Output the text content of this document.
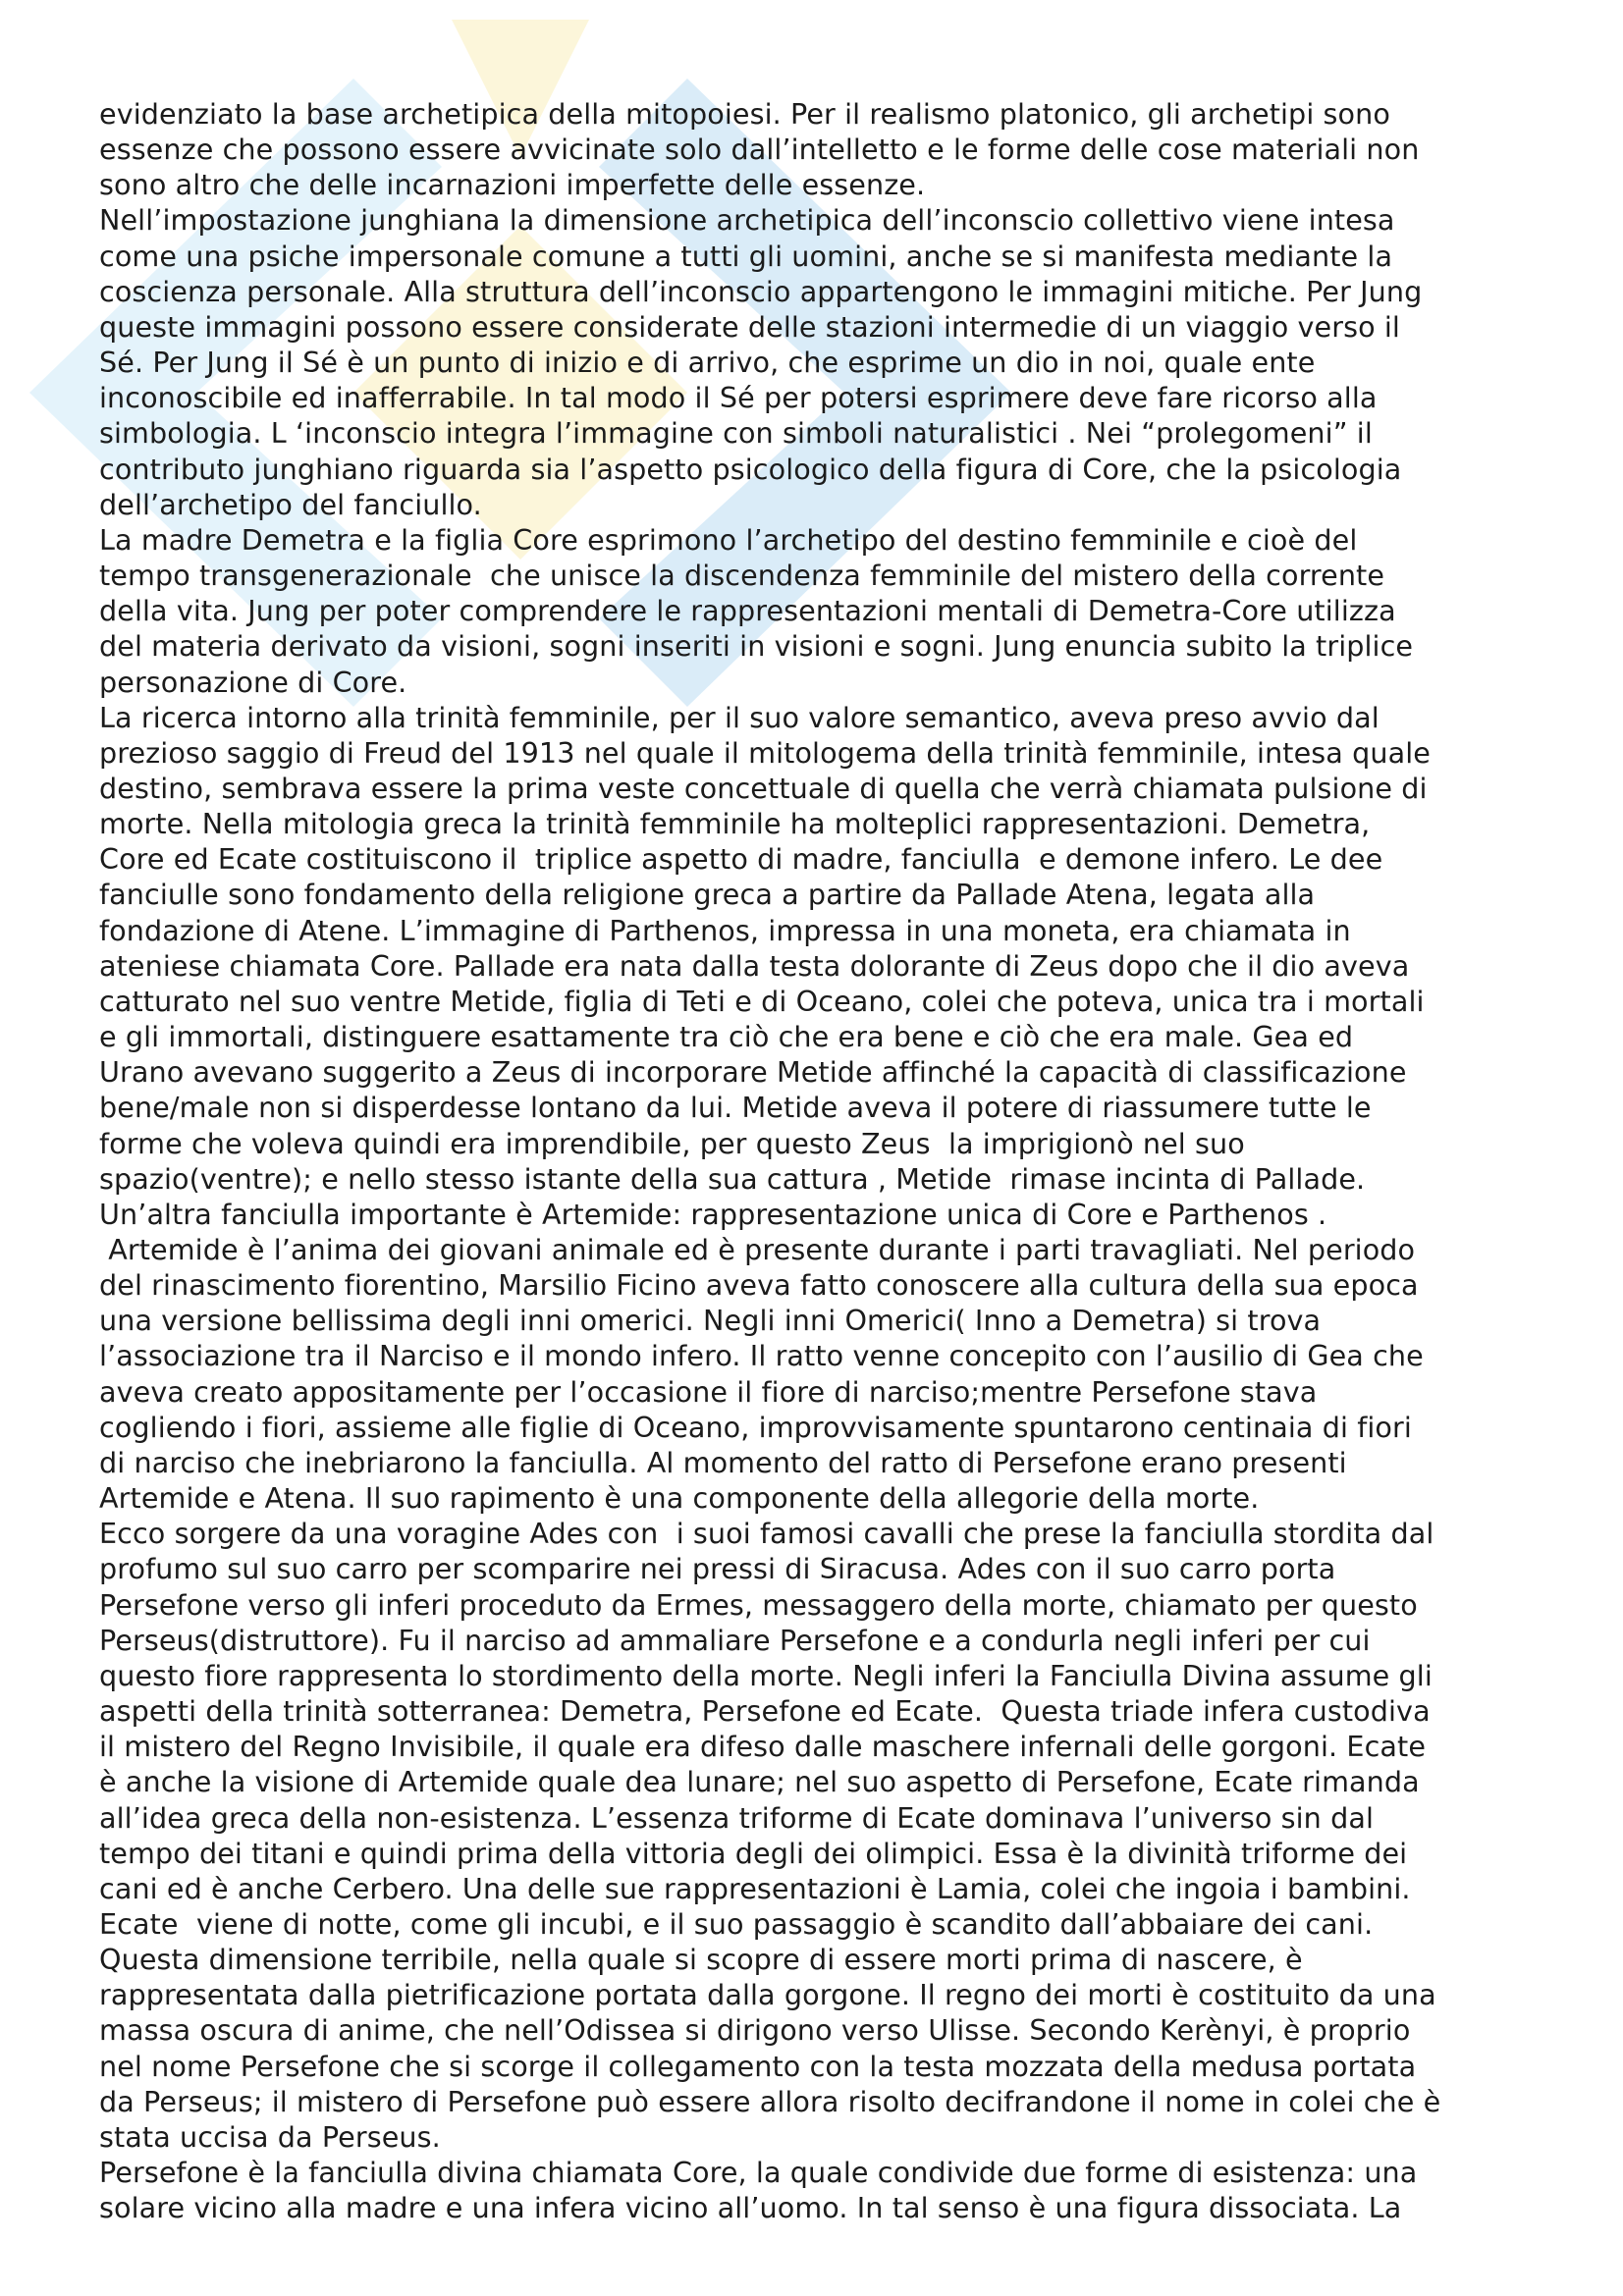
evidenziato la base archetipica della mitopoiesi. Per il realismo platonico, gli archetipi sono
essenze che possono essere avvicinate solo dall’intelletto e le forme delle cose materiali non
sono altro che delle incarnazioni imperfette delle essenze.

Nell’impostazione junghiana la dimensione archetipica dell’inconscio collettivo viene intesa
come una psiche impersonale comune a tutti gli uomini, anche se si manifesta mediante la
coscienza personale. Alla struttura dell’inconscio appartengono le immagini mitiche. Per Jung
queste immagini possono essere considerate delle stazioni intermedie di un viaggio verso il
Sé. Per Jung il Sé è un punto di inizio e di arrivo, che esprime un dio in noi, quale ente
inconoscibile ed inafferrabile. In tal modo il Sé per potersi esprimere deve fare ricorso alla
simbologia. L ‘inconscio integra l’immagine con simboli naturalistici . Nei “prolegomeni” il
contributo junghiano riguarda sia l’aspetto psicologico della figura di Core, che la psicologia
dell’archetipo del fanciullo.

La madre Demetra e la figlia Core esprimono l’archetipo del destino femminile e cioè del
tempo transgenerazionale  che unisce la discendenza femminile del mistero della corrente
della vita. Jung per poter comprendere le rappresentazioni mentali di Demetra-Core utilizza
del materia derivato da visioni, sogni inseriti in visioni e sogni. Jung enuncia subito la triplice
personazione di Core.

La ricerca intorno alla trinità femminile, per il suo valore semantico, aveva preso avvio dal
prezioso saggio di Freud del 1913 nel quale il mitologema della trinità femminile, intesa quale
destino, sembrava essere la prima veste concettuale di quella che verrà chiamata pulsione di
morte. Nella mitologia greca la trinità femminile ha molteplici rappresentazioni. Demetra,
Core ed Ecate costituiscono il  triplice aspetto di madre, fanciulla  e demone infero. Le dee
fanciulle sono fondamento della religione greca a partire da Pallade Atena, legata alla
fondazione di Atene. L’immagine di Parthenos, impressa in una moneta, era chiamata in
ateniese chiamata Core. Pallade era nata dalla testa dolorante di Zeus dopo che il dio aveva
catturato nel suo ventre Metide, figlia di Teti e di Oceano, colei che poteva, unica tra i mortali
e gli immortali, distinguere esattamente tra ciò che era bene e ciò che era male. Gea ed
Urano avevano suggerito a Zeus di incorporare Metide affinché la capacità di classificazione
bene/male non si disperdesse lontano da lui. Metide aveva il potere di riassumere tutte le
forme che voleva quindi era imprendibile, per questo Zeus  la imprigionò nel suo
spazio(ventre); e nello stesso istante della sua cattura , Metide  rimase incinta di Pallade.
Un’altra fanciulla importante è Artemide: rappresentazione unica di Core e Parthenos .
Artemide è l’anima dei giovani animale ed è presente durante i parti travagliati. Nel periodo
del rinascimento fiorentino, Marsilio Ficino aveva fatto conoscere alla cultura della sua epoca
una versione bellissima degli inni omerici. Negli inni Omerici( Inno a Demetra) si trova
l’associazione tra il Narciso e il mondo infero. Il ratto venne concepito con l’ausilio di Gea che
aveva creato appositamente per l’occasione il fiore di narciso;mentre Persefone stava
cogliendo i fiori, assieme alle figlie di Oceano, improvvisamente spuntarono centinaia di fiori
di narciso che inebriarono la fanciulla. Al momento del ratto di Persefone erano presenti
Artemide e Atena. Il suo rapimento è una componente della allegorie della morte.

Ecco sorgere da una voragine Ades con  i suoi famosi cavalli che prese la fanciulla stordita dal
profumo sul suo carro per scomparire nei pressi di Siracusa. Ades con il suo carro porta
Persefone verso gli inferi proceduto da Ermes, messaggero della morte, chiamato per questo
Perseus(distruttore). Fu il narciso ad ammaliare Persefone e a condurla negli inferi per cui
questo fiore rappresenta lo stordimento della morte. Negli inferi la Fanciulla Divina assume gli
aspetti della trinità sotterranea: Demetra, Persefone ed Ecate.  Questa triade infera custodiva
il mistero del Regno Invisibile, il quale era difeso dalle maschere infernali delle gorgoni. Ecate
è anche la visione di Artemide quale dea lunare; nel suo aspetto di Persefone, Ecate rimanda
all’idea greca della non-esistenza. L’essenza triforme di Ecate dominava l’universo sin dal
tempo dei titani e quindi prima della vittoria degli dei olimpici. Essa è la divinità triforme dei
cani ed è anche Cerbero. Una delle sue rappresentazioni è Lamia, colei che ingoia i bambini.
Ecate  viene di notte, come gli incubi, e il suo passaggio è scandito dall’abbaiare dei cani.
Questa dimensione terribile, nella quale si scopre di essere morti prima di nascere, è
rappresentata dalla pietrificazione portata dalla gorgone. Il regno dei morti è costituito da una
massa oscura di anime, che nell’Odissea si dirigono verso Ulisse. Secondo Kerènyi, è proprio
nel nome Persefone che si scorge il collegamento con la testa mozzata della medusa portata
da Perseus; il mistero di Persefone può essere allora risolto decifrandone il nome in colei che è
stata uccisa da Perseus.

Persefone è la fanciulla divina chiamata Core, la quale condivide due forme di esistenza: una
solare vicino alla madre e una infera vicino all’uomo. In tal senso è una figura dissociata. La
